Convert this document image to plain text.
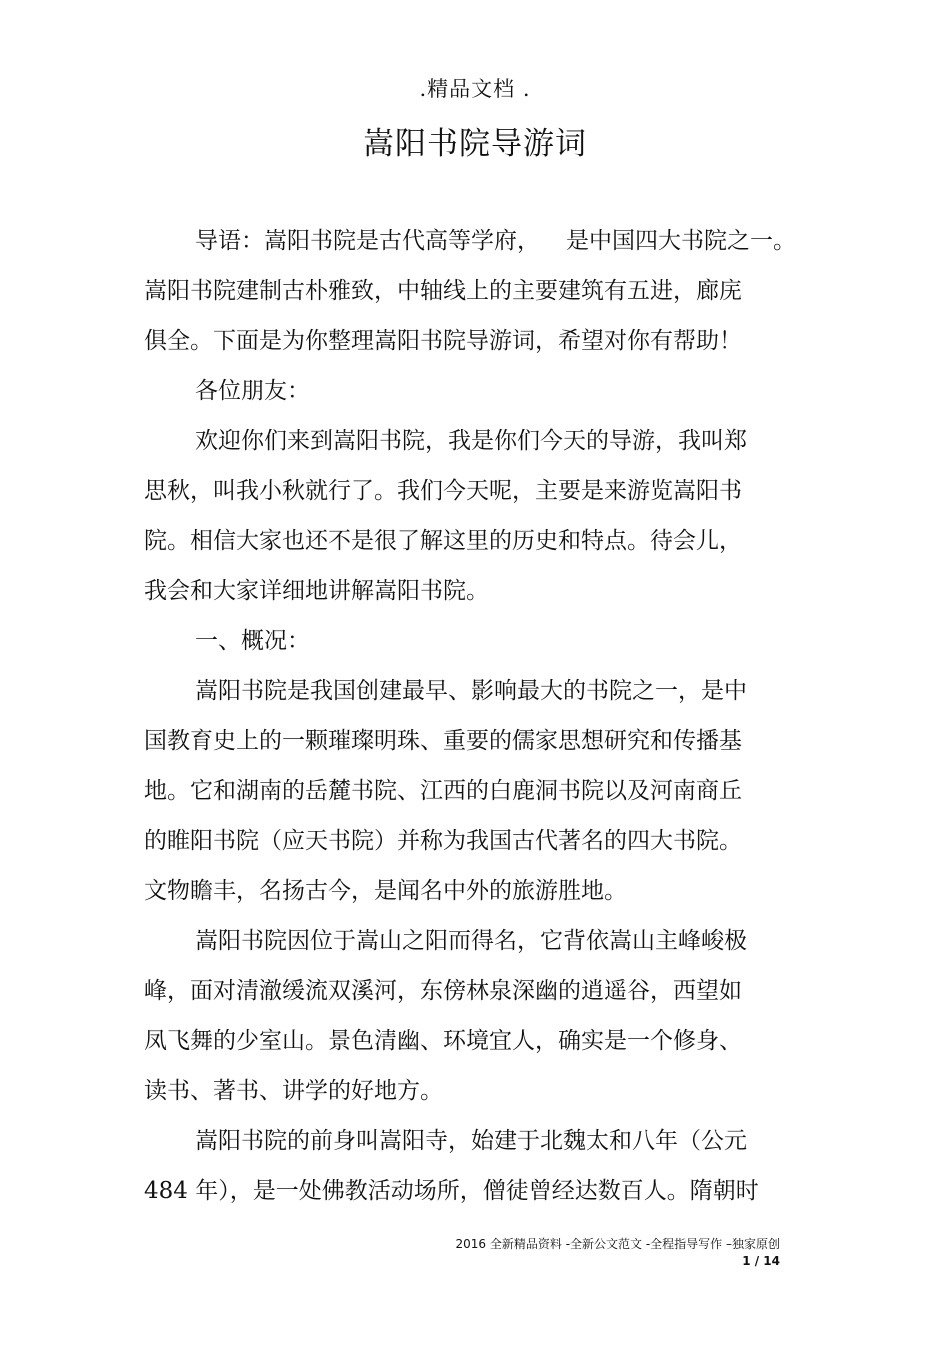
.精品文档 .
嵩阳书院导游词
导语：嵩阳书院是古代高等学府， 是中国四大书院之一。
嵩阳书院建制古朴雅致，中轴线上的主要建筑有五进，廊庑
俱全。下面是为你整理嵩阳书院导游词，希望对你有帮助！
各位朋友：
欢迎你们来到嵩阳书院，我是你们今天的导游，我叫郑
思秋，叫我小秋就行了。我们今天呢，主要是来游览嵩阳书
院。相信大家也还不是很了解这里的历史和特点。待会儿，
我会和大家详细地讲解嵩阳书院。
一、概况：
嵩阳书院是我国创建最早、影响最大的书院之一，是中
国教育史上的一颗璀璨明珠、重要的儒家思想研究和传播基
地。它和湖南的岳麓书院、江西的白鹿洞书院以及河南商丘
的睢阳书院（应天书院）并称为我国古代著名的四大书院。
文物瞻丰，名扬古今，是闻名中外的旅游胜地。
嵩阳书院因位于嵩山之阳而得名，它背依嵩山主峰峻极
峰，面对清澈缓流双溪河，东傍林泉深幽的逍遥谷，西望如
凤飞舞的少室山。景色清幽、环境宜人，确实是一个修身、
读书、著书、讲学的好地方。
嵩阳书院的前身叫嵩阳寺，始建于北魏太和八年（公元
484 年），是一处佛教活动场所，僧徒曾经达数百人。隋朝时
2016 全新精品资料 -全新公文范文 -全程指导写作 –独家原创
1 / 14
